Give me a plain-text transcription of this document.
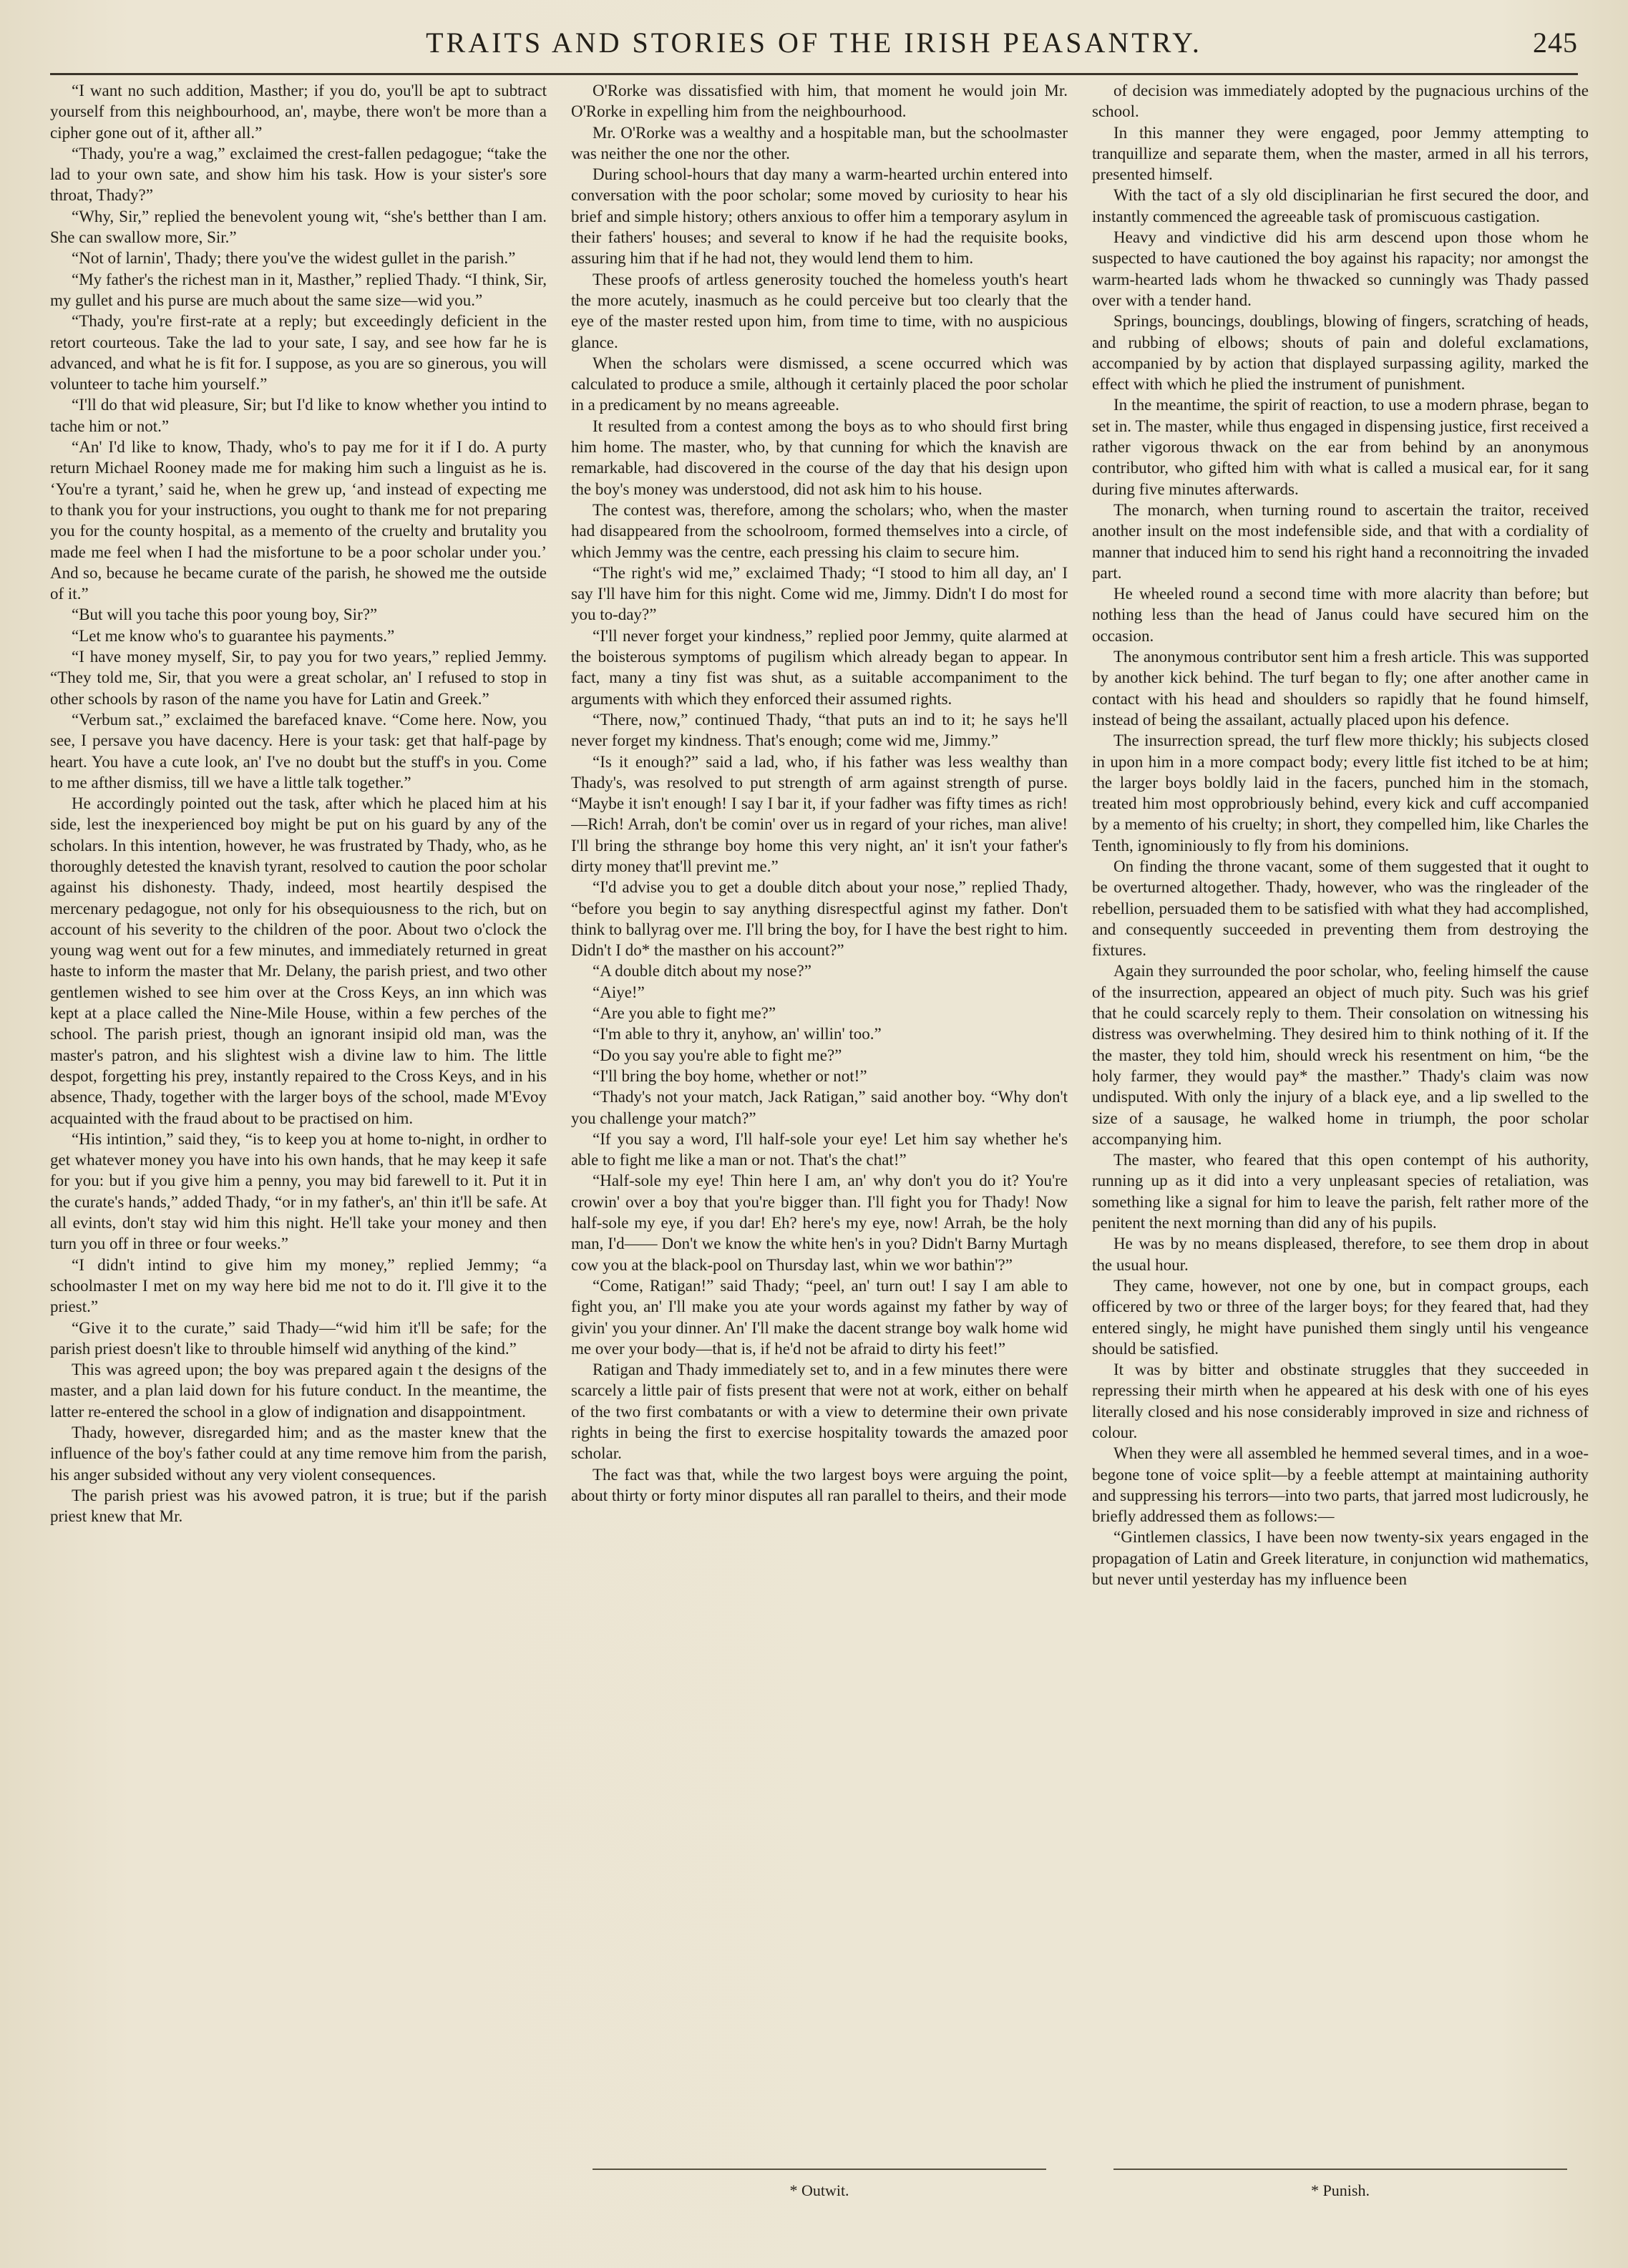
TRAITS AND STORIES OF THE IRISH PEASANTRY.	245

“I want no such addition, Masther; if you do, you'll be apt to subtract yourself from this neighbourhood, an', maybe, there won't be more than a cipher gone out of it, afther all.”

“Thady, you're a wag,” exclaimed the crest-fallen pedagogue; “take the lad to your own sate, and show him his task. How is your sister's sore throat, Thady?”

“Why, Sir,” replied the benevolent young wit, “she's betther than I am. She can swallow more, Sir.”

“Not of larnin', Thady; there you've the widest gullet in the parish.”

“My father's the richest man in it, Masther,” replied Thady. “I think, Sir, my gullet and his purse are much about the same size—wid you.”

“Thady, you're first-rate at a reply; but exceedingly deficient in the retort courteous. Take the lad to your sate, I say, and see how far he is advanced, and what he is fit for. I suppose, as you are so ginerous, you will volunteer to tache him yourself.”

“I'll do that wid pleasure, Sir; but I'd like to know whether you intind to tache him or not.”

“An' I'd like to know, Thady, who's to pay me for it if I do. A purty return Michael Rooney made me for making him such a linguist as he is. ‘You're a tyrant,’ said he, when he grew up, ‘and instead of expecting me to thank you for your instructions, you ought to thank me for not preparing you for the county hospital, as a memento of the cruelty and brutality you made me feel when I had the misfortune to be a poor scholar under you.’ And so, because he became curate of the parish, he showed me the outside of it.”

“But will you tache this poor young boy, Sir?”

“Let me know who's to guarantee his payments.”

“I have money myself, Sir, to pay you for two years,” replied Jemmy. “They told me, Sir, that you were a great scholar, an' I refused to stop in other schools by rason of the name you have for Latin and Greek.”

“Verbum sat.,” exclaimed the barefaced knave. “Come here. Now, you see, I persave you have dacency. Here is your task: get that half-page by heart. You have a cute look, an' I've no doubt but the stuff's in you. Come to me afther dismiss, till we have a little talk together.”

He accordingly pointed out the task, after which he placed him at his side, lest the inexperienced boy might be put on his guard by any of the scholars. In this intention, however, he was frustrated by Thady, who, as he thoroughly detested the knavish tyrant, resolved to caution the poor scholar against his dishonesty. Thady, indeed, most heartily despised the mercenary pedagogue, not only for his obsequiousness to the rich, but on account of his severity to the children of the poor. About two o'clock the young wag went out for a few minutes, and immediately returned in great haste to inform the master that Mr. Delany, the parish priest, and two other gentlemen wished to see him over at the Cross Keys, an inn which was kept at a place called the Nine-Mile House, within a few perches of the school. The parish priest, though an ignorant insipid old man, was the master's patron, and his slightest wish a divine law to him. The little despot, forgetting his prey, instantly repaired to the Cross Keys, and in his absence, Thady, together with the larger boys of the school, made M'Evoy acquainted with the fraud about to be practised on him.

“His intintion,” said they, “is to keep you at home to-night, in ordher to get whatever money you have into his own hands, that he may keep it safe for you: but if you give him a penny, you may bid farewell to it. Put it in the curate's hands,” added Thady, “or in my father's, an' thin it'll be safe. At all evints, don't stay wid him this night. He'll take your money and then turn you off in three or four weeks.”

“I didn't intind to give him my money,” replied Jemmy; “a schoolmaster I met on my way here bid me not to do it. I'll give it to the priest.”

“Give it to the curate,” said Thady—“wid him it'll be safe; for the parish priest doesn't like to throuble himself wid anything of the kind.”

This was agreed upon; the boy was prepared again t the designs of the master, and a plan laid down for his future conduct. In the meantime, the latter re-entered the school in a glow of indignation and disappointment.

Thady, however, disregarded him; and as the master knew that the influence of the boy's father could at any time remove him from the parish, his anger subsided without any very violent consequences.

The parish priest was his avowed patron, it is true; but if the parish priest knew that Mr.

O'Rorke was dissatisfied with him, that moment he would join Mr. O'Rorke in expelling him from the neighbourhood.

Mr. O'Rorke was a wealthy and a hospitable man, but the schoolmaster was neither the one nor the other.

During school-hours that day many a warm-hearted urchin entered into conversation with the poor scholar; some moved by curiosity to hear his brief and simple history; others anxious to offer him a temporary asylum in their fathers' houses; and several to know if he had the requisite books, assuring him that if he had not, they would lend them to him.

These proofs of artless generosity touched the homeless youth's heart the more acutely, inasmuch as he could perceive but too clearly that the eye of the master rested upon him, from time to time, with no auspicious glance.

When the scholars were dismissed, a scene occurred which was calculated to produce a smile, although it certainly placed the poor scholar in a predicament by no means agreeable.

It resulted from a contest among the boys as to who should first bring him home. The master, who, by that cunning for which the knavish are remarkable, had discovered in the course of the day that his design upon the boy's money was understood, did not ask him to his house.

The contest was, therefore, among the scholars; who, when the master had disappeared from the schoolroom, formed themselves into a circle, of which Jemmy was the centre, each pressing his claim to secure him.

“The right's wid me,” exclaimed Thady; “I stood to him all day, an' I say I'll have him for this night. Come wid me, Jimmy. Didn't I do most for you to-day?”

“I'll never forget your kindness,” replied poor Jemmy, quite alarmed at the boisterous symptoms of pugilism which already began to appear. In fact, many a tiny fist was shut, as a suitable accompaniment to the arguments with which they enforced their assumed rights.

“There, now,” continued Thady, “that puts an ind to it; he says he'll never forget my kindness. That's enough; come wid me, Jimmy.”

“Is it enough?” said a lad, who, if his father was less wealthy than Thady's, was resolved to put strength of arm against strength of purse. “Maybe it isn't enough! I say I bar it, if your fadher was fifty times as rich!—Rich! Arrah, don't be comin' over us in regard of your riches, man alive! I'll bring the sthrange boy home this very night, an' it isn't your father's dirty money that'll prevint me.”

“I'd advise you to get a double ditch about your nose,” replied Thady, “before you begin to say anything disrespectful aginst my father. Don't think to ballyrag over me. I'll bring the boy, for I have the best right to him. Didn't I do* the masther on his account?”

“A double ditch about my nose?”

“Aiye!”

“Are you able to fight me?”

“I'm able to thry it, anyhow, an' willin' too.”

“Do you say you're able to fight me?”

“I'll bring the boy home, whether or not!”

“Thady's not your match, Jack Ratigan,” said another boy. “Why don't you challenge your match?”

“If you say a word, I'll half-sole your eye! Let him say whether he's able to fight me like a man or not. That's the chat!”

“Half-sole my eye! Thin here I am, an' why don't you do it? You're crowin' over a boy that you're bigger than. I'll fight you for Thady! Now half-sole my eye, if you dar! Eh? here's my eye, now! Arrah, be the holy man, I'd—— Don't we know the white hen's in you? Didn't Barny Murtagh cow you at the black-pool on Thursday last, whin we wor bathin'?”

“Come, Ratigan!” said Thady; “peel, an' turn out! I say I am able to fight you, an' I'll make you ate your words against my father by way of givin' you your dinner. An' I'll make the dacent strange boy walk home wid me over your body—that is, if he'd not be afraid to dirty his feet!”

Ratigan and Thady immediately set to, and in a few minutes there were scarcely a little pair of fists present that were not at work, either on behalf of the two first combatants or with a view to determine their own private rights in being the first to exercise hospitality towards the amazed poor scholar.

The fact was that, while the two largest boys were arguing the point, about thirty or forty minor disputes all ran parallel to theirs, and their mode

of decision was immediately adopted by the pugnacious urchins of the school.

In this manner they were engaged, poor Jemmy attempting to tranquillize and separate them, when the master, armed in all his terrors, presented himself.

With the tact of a sly old disciplinarian he first secured the door, and instantly commenced the agreeable task of promiscuous castigation.

Heavy and vindictive did his arm descend upon those whom he suspected to have cautioned the boy against his rapacity; nor amongst the warm-hearted lads whom he thwacked so cunningly was Thady passed over with a tender hand.

Springs, bouncings, doublings, blowing of fingers, scratching of heads, and rubbing of elbows; shouts of pain and doleful exclamations, accompanied by by action that displayed surpassing agility, marked the effect with which he plied the instrument of punishment.

In the meantime, the spirit of reaction, to use a modern phrase, began to set in. The master, while thus engaged in dispensing justice, first received a rather vigorous thwack on the ear from behind by an anonymous contributor, who gifted him with what is called a musical ear, for it sang during five minutes afterwards.

The monarch, when turning round to ascertain the traitor, received another insult on the most indefensible side, and that with a cordiality of manner that induced him to send his right hand a reconnoitring the invaded part.

He wheeled round a second time with more alacrity than before; but nothing less than the head of Janus could have secured him on the occasion.

The anonymous contributor sent him a fresh article. This was supported by another kick behind. The turf began to fly; one after another came in contact with his head and shoulders so rapidly that he found himself, instead of being the assailant, actually placed upon his defence.

The insurrection spread, the turf flew more thickly; his subjects closed in upon him in a more compact body; every little fist itched to be at him; the larger boys boldly laid in the facers, punched him in the stomach, treated him most opprobriously behind, every kick and cuff accompanied by a memento of his cruelty; in short, they compelled him, like Charles the Tenth, ignominiously to fly from his dominions.

On finding the throne vacant, some of them suggested that it ought to be overturned altogether. Thady, however, who was the ringleader of the rebellion, persuaded them to be satisfied with what they had accomplished, and consequently succeeded in preventing them from destroying the fixtures.

Again they surrounded the poor scholar, who, feeling himself the cause of the insurrection, appeared an object of much pity. Such was his grief that he could scarcely reply to them. Their consolation on witnessing his distress was overwhelming. They desired him to think nothing of it. If the the master, they told him, should wreck his resentment on him, “be the holy farmer, they would pay* the masther.” Thady's claim was now undisputed. With only the injury of a black eye, and a lip swelled to the size of a sausage, he walked home in triumph, the poor scholar accompanying him.

The master, who feared that this open contempt of his authority, running up as it did into a very unpleasant species of retaliation, was something like a signal for him to leave the parish, felt rather more of the penitent the next morning than did any of his pupils.

He was by no means displeased, therefore, to see them drop in about the usual hour.

They came, however, not one by one, but in compact groups, each officered by two or three of the larger boys; for they feared that, had they entered singly, he might have punished them singly until his vengeance should be satisfied.

It was by bitter and obstinate struggles that they succeeded in repressing their mirth when he appeared at his desk with one of his eyes literally closed and his nose considerably improved in size and richness of colour.

When they were all assembled he hemmed several times, and in a woe-begone tone of voice split—by a feeble attempt at maintaining authority and suppressing his terrors—into two parts, that jarred most ludicrously, he briefly addressed them as follows:—

“Gintlemen classics, I have been now twenty-six years engaged in the propagation of Latin and Greek literature, in conjunction wid mathematics, but never until yesterday has my influence been

* Outwit.	* Punish.
